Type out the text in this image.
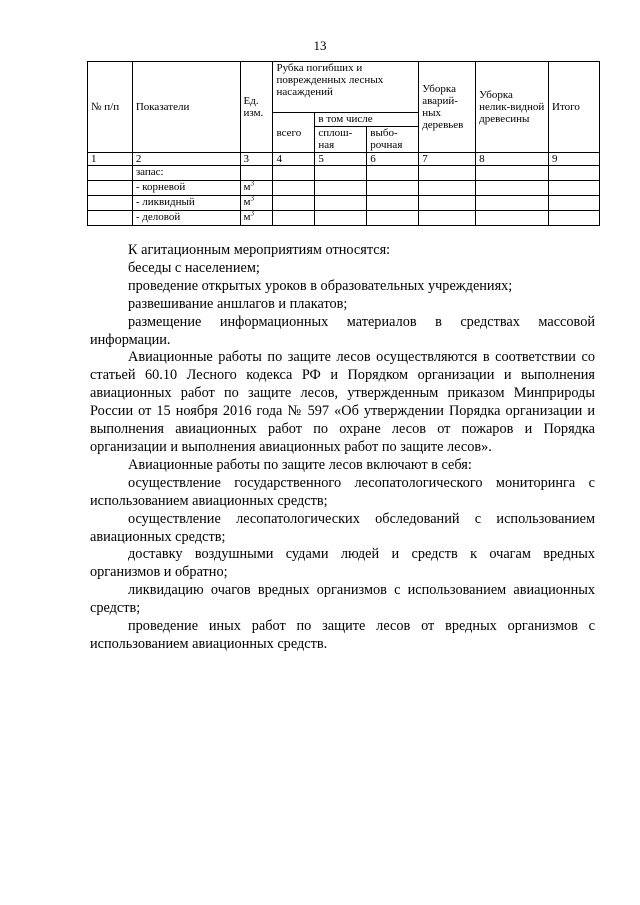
13
№ п/п	Показатели	Ед. изм.	Рубка погибших и поврежденных лесных насаждений			Уборка аварий-ных деревьев	Уборка нелик-видной древесины	Итого
			всего	в том числе				
				сплош-ная	выбо-рочная			
1	2	3	4	5	6	7	8	9
	запас:							
	- корневой	$м^3$						
	- ликвидный	$м^3$						
	- деловой	$м^3$						

К агитационным мероприятиям относятся:

беседы с населением;

проведение открытых уроков в образовательных учреждениях;

развешивание аншлагов и плакатов;

размещение информационных материалов в средствах массовой информации.

Авиационные работы по защите лесов осуществляются в соответствии со статьей 60.10 Лесного кодекса РФ и Порядком организации и выполнения авиационных работ по защите лесов, утвержденным приказом Минприроды России от 15 ноября 2016 года № 597 «Об утверждении Порядка организации и выполнения авиационных работ по охране лесов от пожаров и Порядка организации и выполнения авиационных работ по защите лесов».

Авиационные работы по защите лесов включают в себя:

осуществление государственного лесопатологического мониторинга с использованием авиационных средств;

осуществление лесопатологических обследований с использованием авиационных средств;

доставку воздушными судами людей и средств к очагам вредных организмов и обратно;

ликвидацию очагов вредных организмов с использованием авиационных средств;

проведение иных работ по защите лесов от вредных организмов с использованием авиационных средств.
